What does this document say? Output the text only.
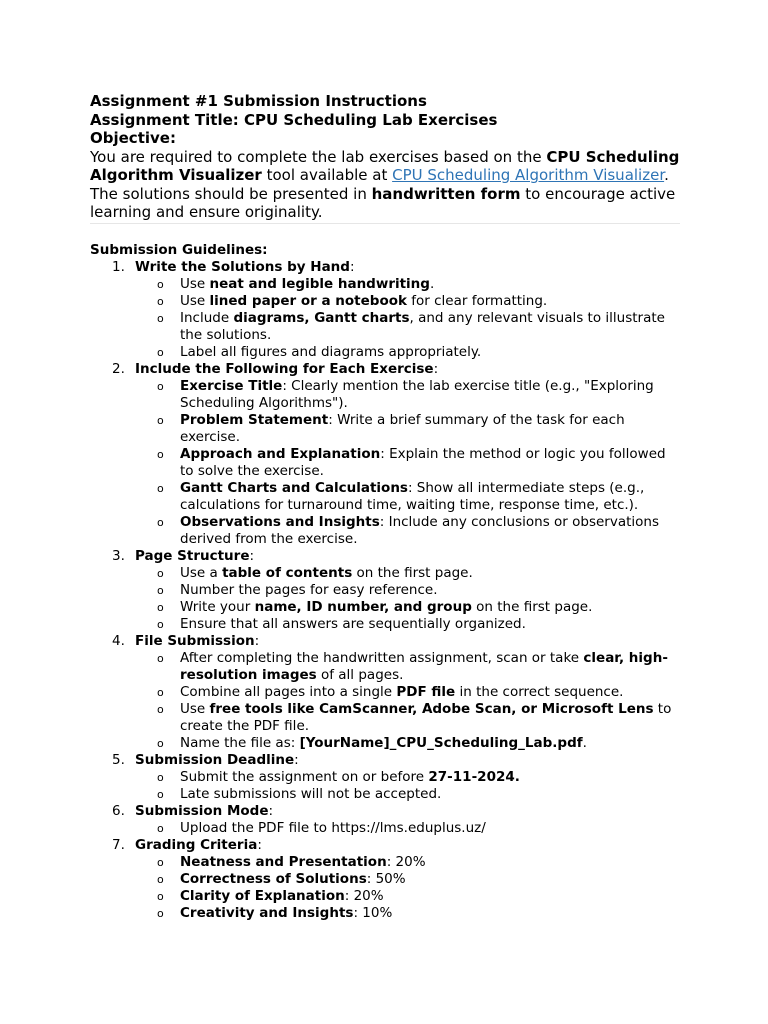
Assignment #1 Submission Instructions

Assignment Title: CPU Scheduling Lab Exercises

Objective:

You are required to complete the lab exercises based on the CPU Scheduling Algorithm Visualizer tool available at CPU Scheduling Algorithm Visualizer. The solutions should be presented in handwritten form to encourage active learning and ensure originality.

Submission Guidelines:

1. Write the Solutions by Hand:
o Use neat and legible handwriting.
o Use lined paper or a notebook for clear formatting.
o Include diagrams, Gantt charts, and any relevant visuals to illustrate the solutions.
o Label all figures and diagrams appropriately.
2. Include the Following for Each Exercise:
o Exercise Title: Clearly mention the lab exercise title (e.g., "Exploring Scheduling Algorithms").
o Problem Statement: Write a brief summary of the task for each exercise.
o Approach and Explanation: Explain the method or logic you followed to solve the exercise.
o Gantt Charts and Calculations: Show all intermediate steps (e.g., calculations for turnaround time, waiting time, response time, etc.).
o Observations and Insights: Include any conclusions or observations derived from the exercise.
3. Page Structure:
o Use a table of contents on the first page.
o Number the pages for easy reference.
o Write your name, ID number, and group on the first page.
o Ensure that all answers are sequentially organized.
4. File Submission:
o After completing the handwritten assignment, scan or take clear, high-resolution images of all pages.
o Combine all pages into a single PDF file in the correct sequence.
o Use free tools like CamScanner, Adobe Scan, or Microsoft Lens to create the PDF file.
o Name the file as: [YourName]_CPU_Scheduling_Lab.pdf.
5. Submission Deadline:
o Submit the assignment on or before 27-11-2024.
o Late submissions will not be accepted.
6. Submission Mode:
o Upload the PDF file to https://lms.eduplus.uz/
7. Grading Criteria:
o Neatness and Presentation: 20%
o Correctness of Solutions: 50%
o Clarity of Explanation: 20%
o Creativity and Insights: 10%
